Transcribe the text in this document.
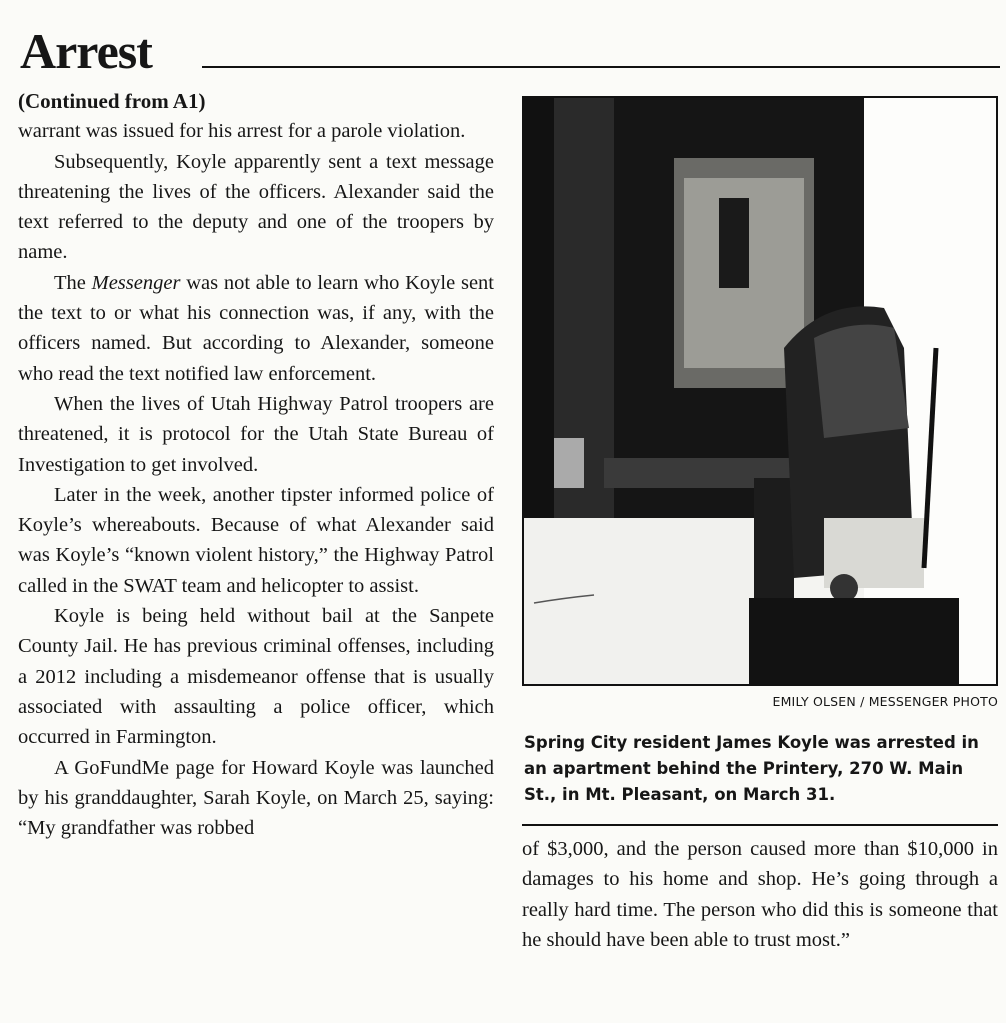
Arrest
(Continued from A1)

warrant was issued for his arrest for a parole violation.

Subsequently, Koyle apparently sent a text message threatening the lives of the officers. Alexander said the text referred to the deputy and one of the troopers by name.

The Messenger was not able to learn who Koyle sent the text to or what his connection was, if any, with the officers named. But according to Alexander, someone who read the text notified law enforcement.

When the lives of Utah Highway Patrol troopers are threatened, it is protocol for the Utah State Bureau of Investigation to get involved.

Later in the week, another tipster informed police of Koyle’s whereabouts. Because of what Alexander said was Koyle’s “known violent history,” the Highway Patrol called in the SWAT team and helicopter to assist.

Koyle is being held without bail at the Sanpete County Jail. He has previous criminal offenses, including a 2012 including a misdemeanor offense that is usually associated with assaulting a police officer, which occurred in Farmington.

A GoFundMe page for Howard Koyle was launched by his granddaughter, Sarah Koyle, on March 25, saying: “My grandfather was robbed

EMILY OLSEN / MESSENGER PHOTO
Spring City resident James Koyle was arrested in an apartment behind the Printery, 270 W. Main St., in Mt. Pleasant, on March 31.

of $3,000, and the person caused more than $10,000 in damages to his home and shop. He’s going through a really hard time. The person who did this is someone that he should have been able to trust most.”
